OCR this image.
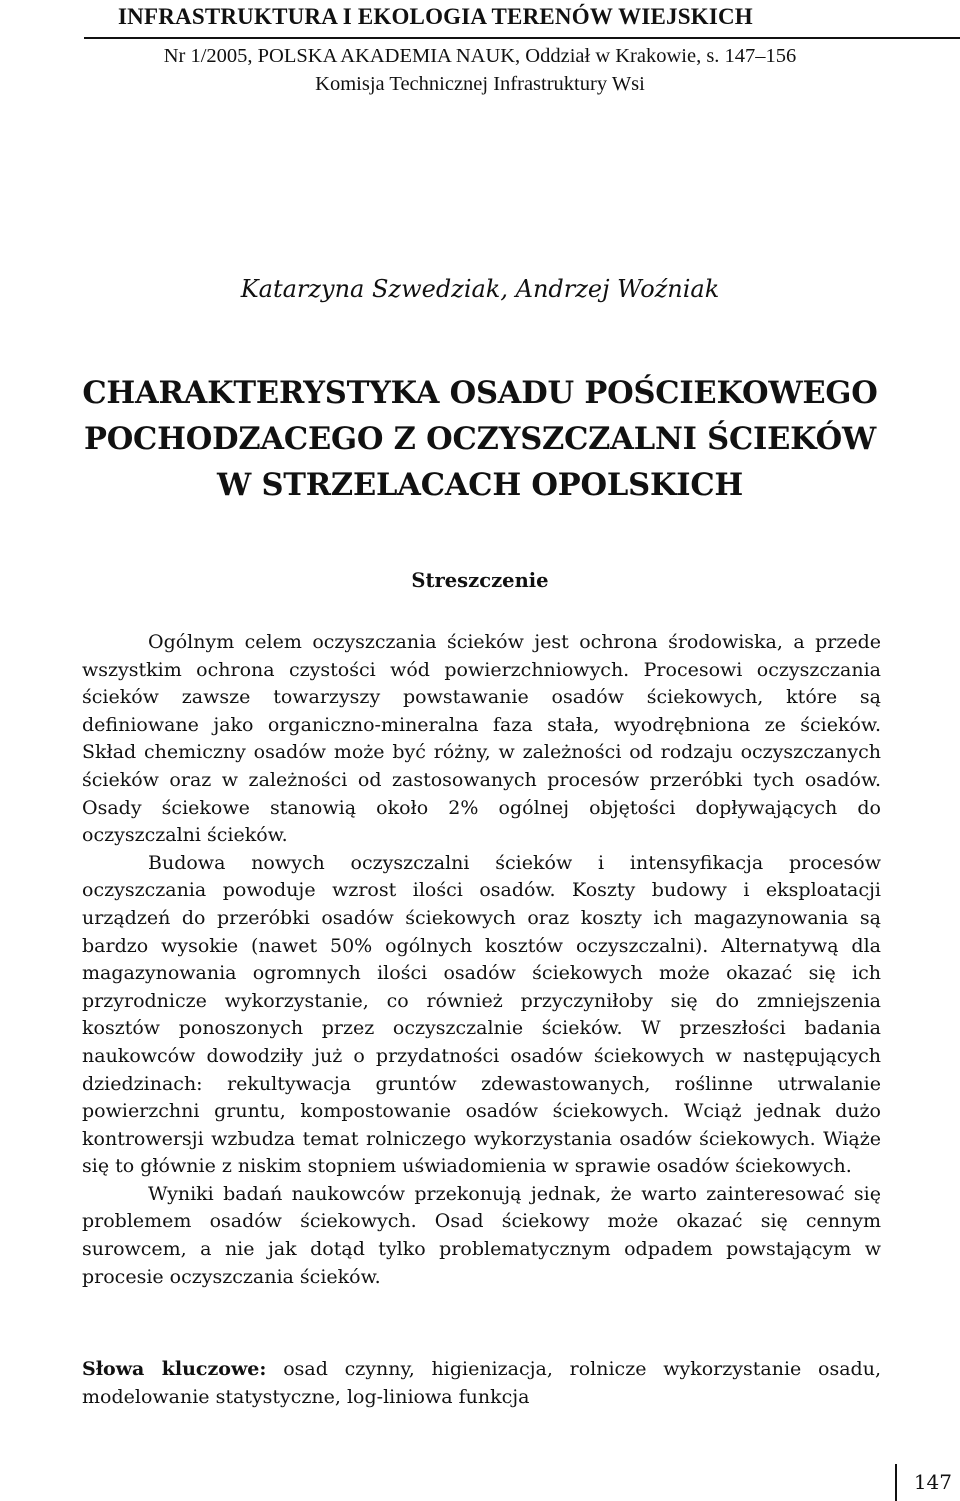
INFRASTRUKTURA I EKOLOGIA TERENÓW WIEJSKICH
Nr 1/2005, POLSKA AKADEMIA NAUK, Oddział w Krakowie, s. 147–156
Komisja Technicznej Infrastruktury Wsi
Katarzyna Szwedziak, Andrzej Woźniak
CHARAKTERYSTYKA OSADU POŚCIEKOWEGO
POCHODZACEGO Z OCZYSZCZALNI ŚCIEKÓW
W STRZELACACH OPOLSKICH
Streszczenie

Ogólnym celem oczyszczania ścieków jest ochrona środowiska, a przede wszystkim ochrona czystości wód powierzchniowych. Procesowi oczyszczania ścieków zawsze towarzyszy powstawanie osadów ściekowych, które są definiowane jako organiczno-mineralna faza stała, wyodrębniona ze ścieków. Skład chemiczny osadów może być różny, w zależności od rodzaju oczyszczanych ścieków oraz w zależności od zastosowanych procesów przeróbki tych osadów. Osady ściekowe stanowią około 2% ogólnej objętości dopływających do oczyszczalni ścieków.

Budowa nowych oczyszczalni ścieków i intensyfikacja procesów oczyszczania powoduje wzrost ilości osadów. Koszty budowy i eksploatacji urządzeń do przeróbki osadów ściekowych oraz koszty ich magazynowania są bardzo wysokie (nawet 50% ogólnych kosztów oczyszczalni). Alternatywą dla magazynowania ogromnych ilości osadów ściekowych może okazać się ich przyrodnicze wykorzystanie, co również przyczyniłoby się do zmniejszenia kosztów ponoszonych przez oczyszczalnie ścieków. W przeszłości badania naukowców dowodziły już o przydatności osadów ściekowych w następujących dziedzinach: rekultywacja gruntów zdewastowanych, roślinne utrwalanie powierzchni gruntu, kompostowanie osadów ściekowych. Wciąż jednak dużo kontrowersji wzbudza temat rolniczego wykorzystania osadów ściekowych. Wiąże się to głównie z niskim stopniem uświadomienia w sprawie osadów ściekowych.

Wyniki badań naukowców przekonują jednak, że warto zainteresować się problemem osadów ściekowych. Osad ściekowy może okazać się cennym surowcem, a nie jak dotąd tylko problematycznym odpadem powstającym w procesie oczyszczania ścieków.

Słowa kluczowe: osad czynny, higienizacja, rolnicze wykorzystanie osadu, modelowanie statystyczne, log-liniowa funkcja
147
